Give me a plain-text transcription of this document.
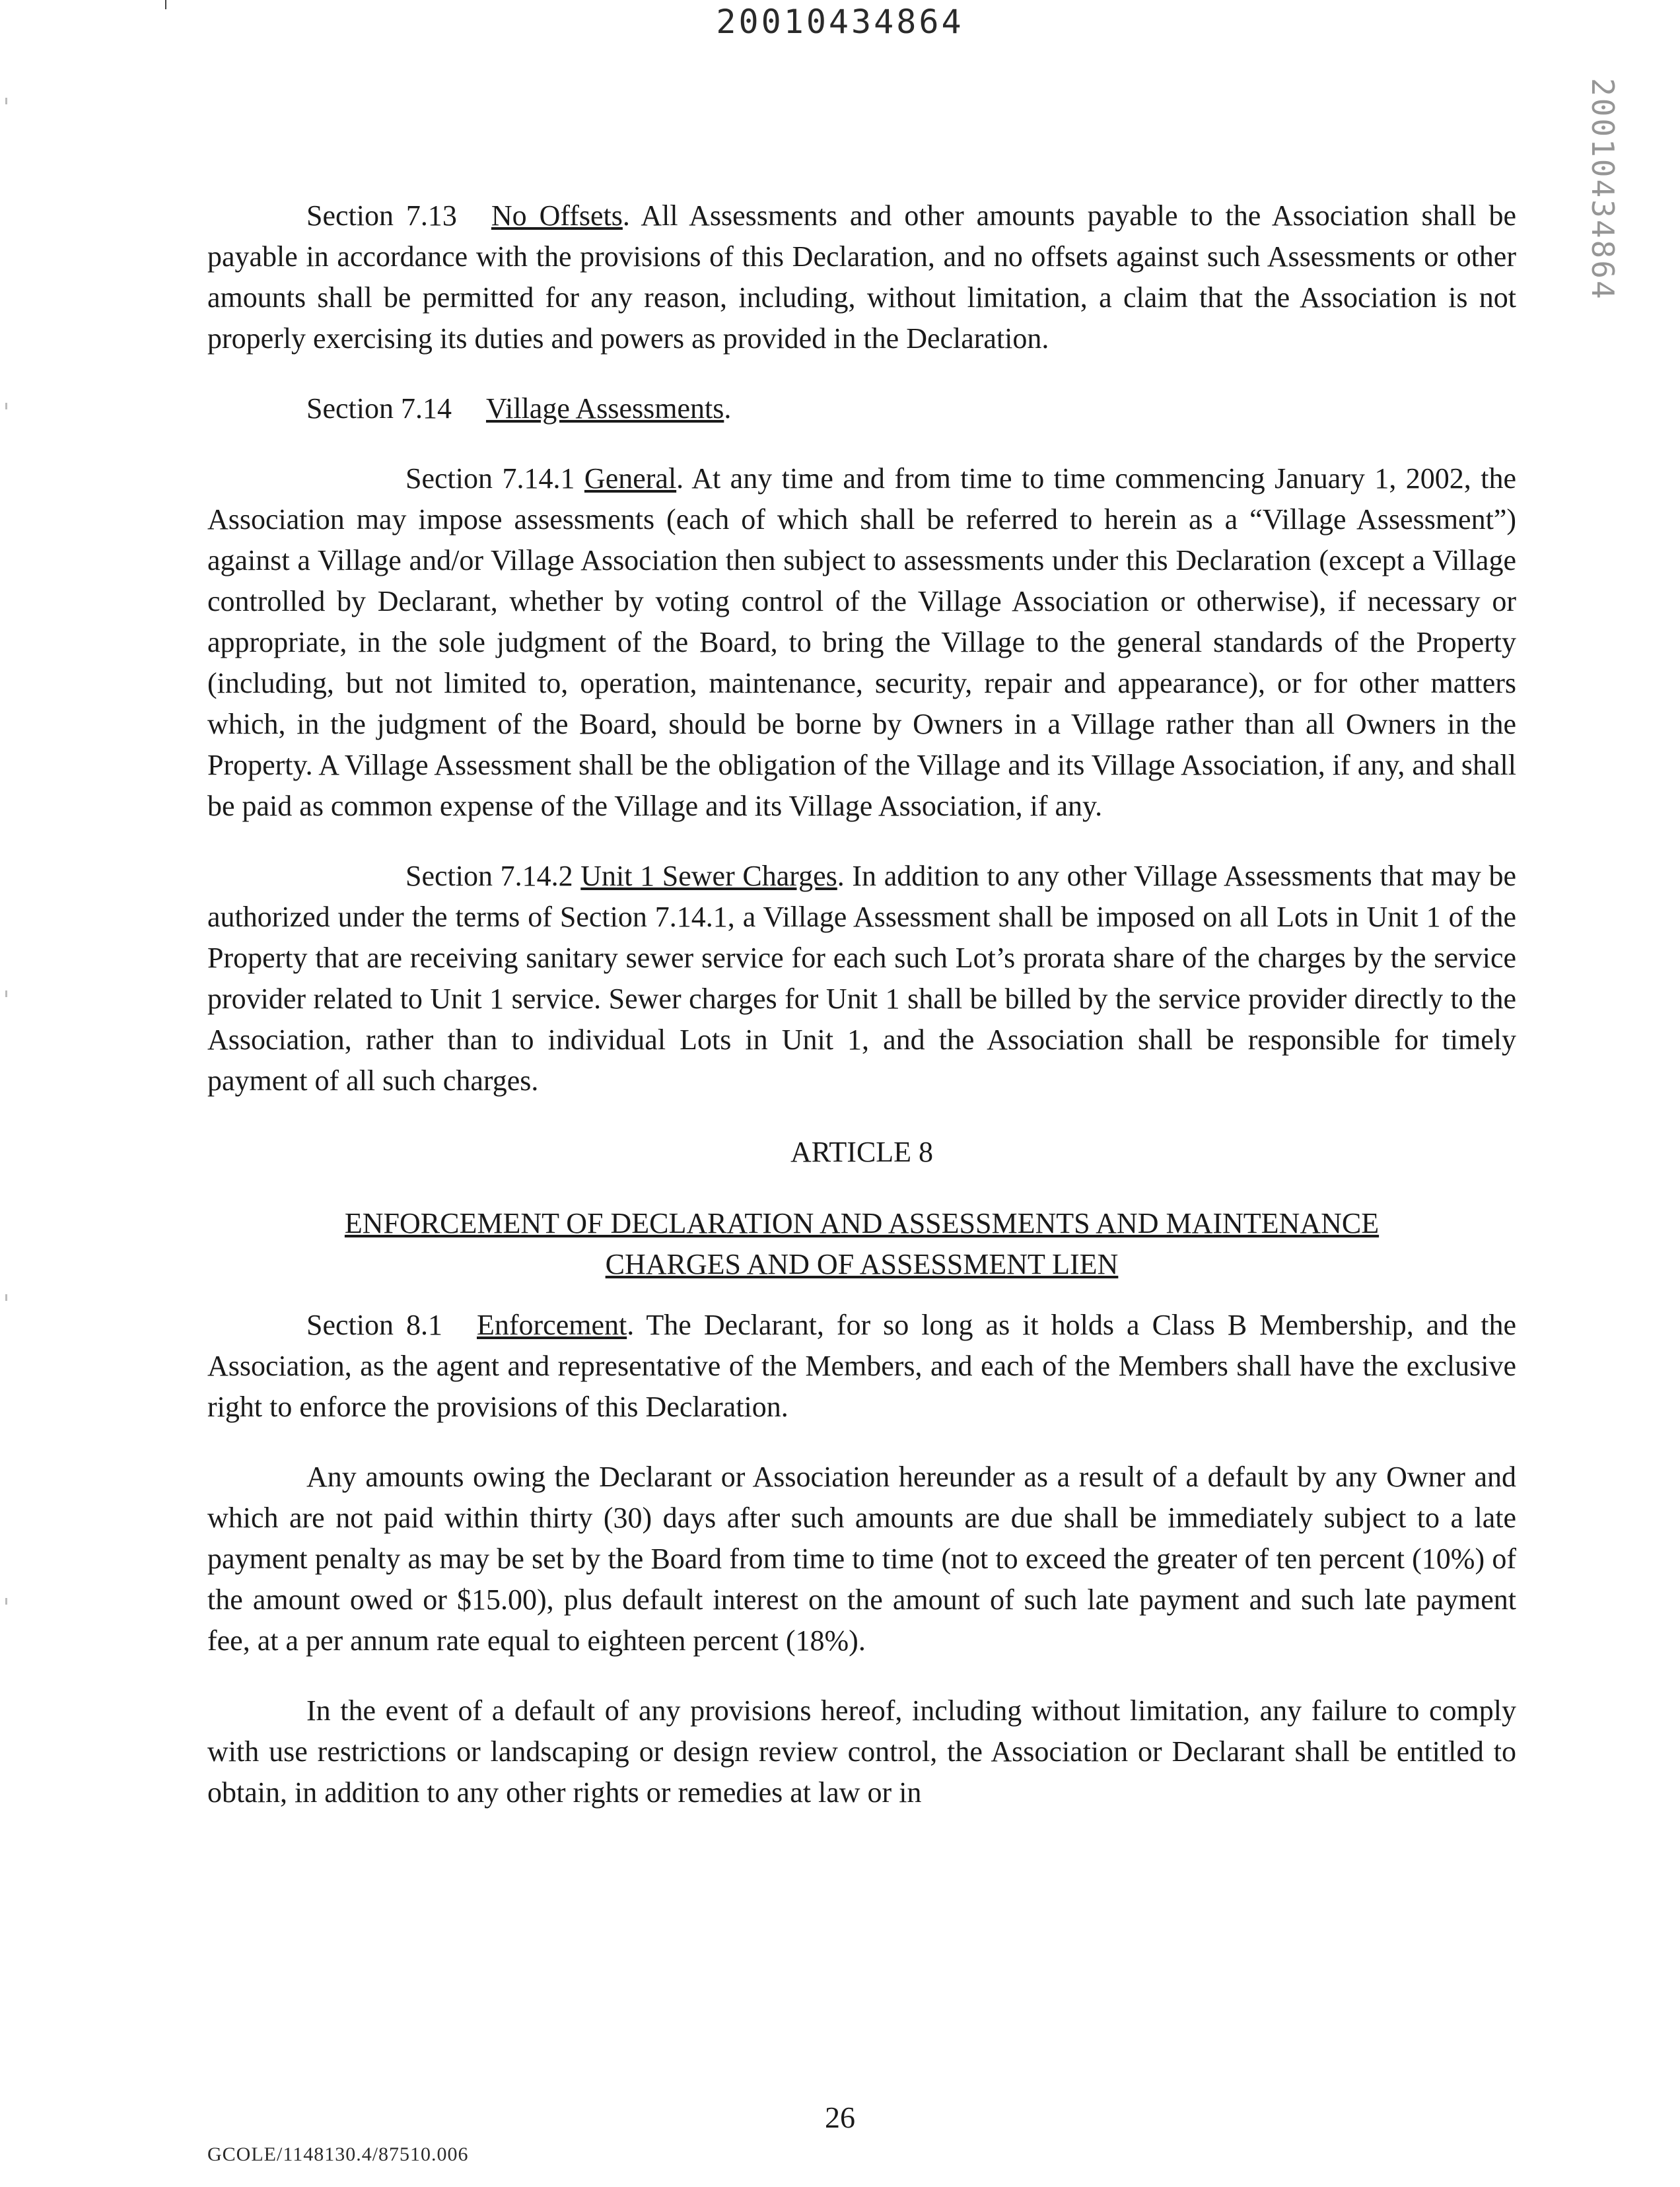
20010434864
20010434864

Section 7.13 No Offsets. All Assessments and other amounts payable to the Association shall be payable in accordance with the provisions of this Declaration, and no offsets against such Assessments or other amounts shall be permitted for any reason, including, without limitation, a claim that the Association is not properly exercising its duties and powers as provided in the Declaration.

Section 7.14 Village Assessments.

Section 7.14.1 General. At any time and from time to time commencing January 1, 2002, the Association may impose assessments (each of which shall be referred to herein as a “Village Assessment”) against a Village and/or Village Association then subject to assessments under this Declaration (except a Village controlled by Declarant, whether by voting control of the Village Association or otherwise), if necessary or appropriate, in the sole judgment of the Board, to bring the Village to the general standards of the Property (including, but not limited to, operation, maintenance, security, repair and appearance), or for other matters which, in the judgment of the Board, should be borne by Owners in a Village rather than all Owners in the Property. A Village Assessment shall be the obligation of the Village and its Village Association, if any, and shall be paid as common expense of the Village and its Village Association, if any.

Section 7.14.2 Unit 1 Sewer Charges. In addition to any other Village Assessments that may be authorized under the terms of Section 7.14.1, a Village Assessment shall be imposed on all Lots in Unit 1 of the Property that are receiving sanitary sewer service for each such Lot’s prorata share of the charges by the service provider related to Unit 1 service. Sewer charges for Unit 1 shall be billed by the service provider directly to the Association, rather than to individual Lots in Unit 1, and the Association shall be responsible for timely payment of all such charges.

ARTICLE 8

ENFORCEMENT OF DECLARATION AND ASSESSMENTS AND MAINTENANCE

CHARGES AND OF ASSESSMENT LIEN

Section 8.1 Enforcement. The Declarant, for so long as it holds a Class B Membership, and the Association, as the agent and representative of the Members, and each of the Members shall have the exclusive right to enforce the provisions of this Declaration.

Any amounts owing the Declarant or Association hereunder as a result of a default by any Owner and which are not paid within thirty (30) days after such amounts are due shall be immediately subject to a late payment penalty as may be set by the Board from time to time (not to exceed the greater of ten percent (10%) of the amount owed or $15.00), plus default interest on the amount of such late payment and such late payment fee, at a per annum rate equal to eighteen percent (18%).

In the event of a default of any provisions hereof, including without limitation, any failure to comply with use restrictions or landscaping or design review control, the Association or Declarant shall be entitled to obtain, in addition to any other rights or remedies at law or in

26
GCOLE/1148130.4/87510.006
